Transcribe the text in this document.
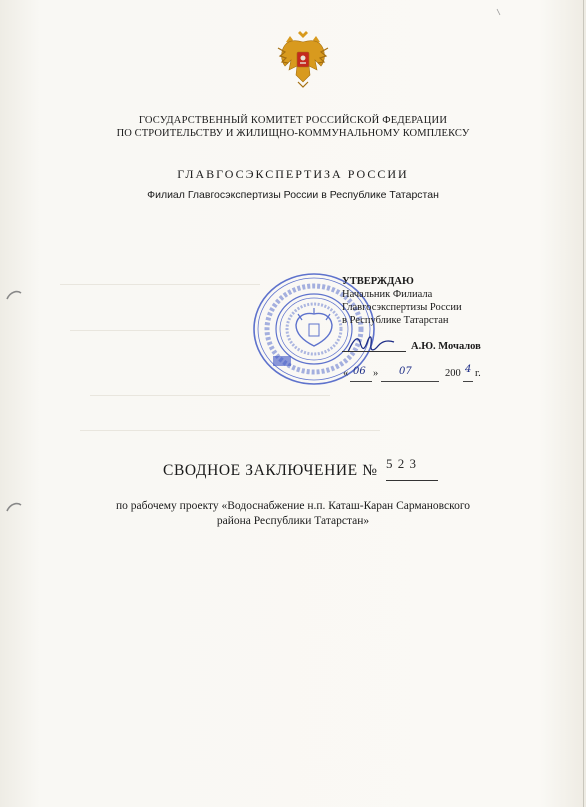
ГОСУДАРСТВЕННЫЙ КОМИТЕТ РОССИЙСКОЙ ФЕДЕРАЦИИ
ПО СТРОИТЕЛЬСТВУ И ЖИЛИЩНО-КОММУНАЛЬНОМУ КОМПЛЕКСУ
ГЛАВГОСЭКСПЕРТИЗА РОССИИ
Филиал Главгосэкспертизы России в Республике Татарстан
УТВЕРЖДАЮ
Начальник Филиала
Главгосэкспертизы России
в Республике Татарстан
А.Ю. Мочалов
« 06 » 07	200 4 г.
СВОДНОЕ ЗАКЛЮЧЕНИЕ № 5 2 3
по рабочему проекту «Водоснабжение н.п. Каташ-Каран Сармановского
района Республики Татарстан»
